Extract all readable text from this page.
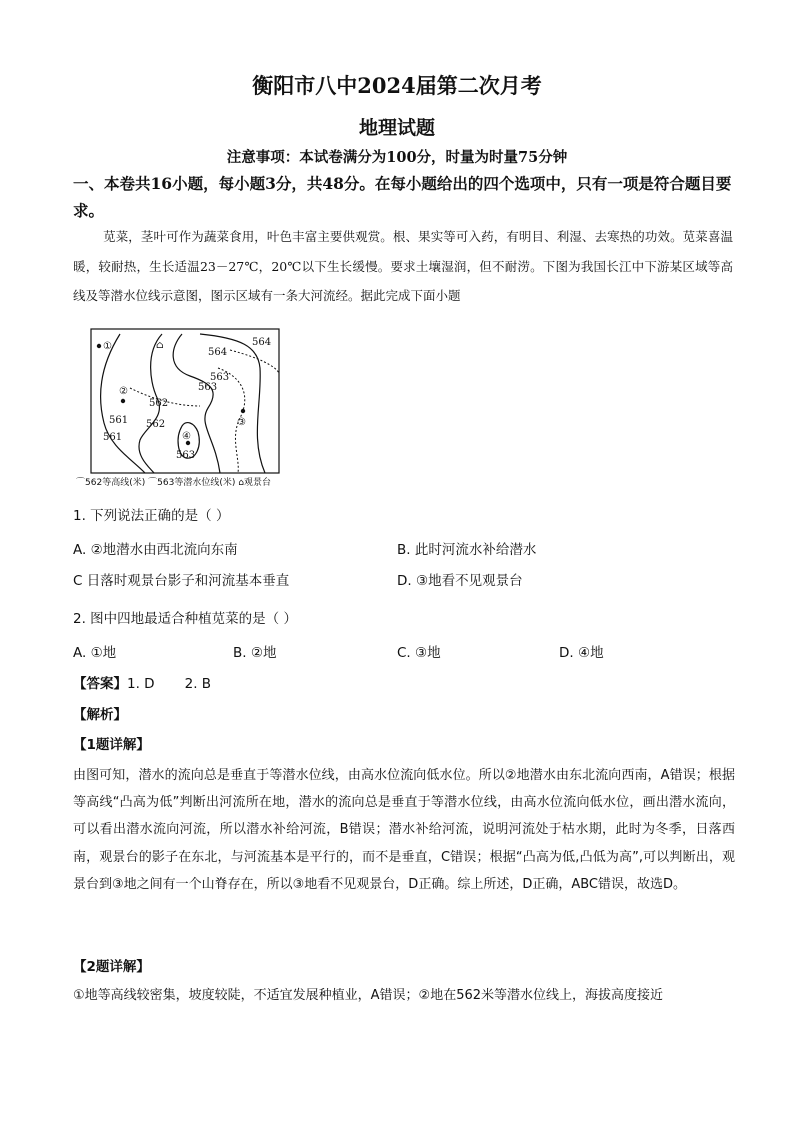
衡阳市八中2024届第二次月考
地理试题
注意事项：本试卷满分为100分，时量为时量75分钟
一、本卷共16小题，每小题3分，共48分。在每小题给出的四个选项中，只有一项是符合题目要求。
苋菜，茎叶可作为蔬菜食用，叶色丰富主要供观赏。根、果实等可入药，有明目、利湿、去寒热的功效。苋菜喜温暖，较耐热，生长适温23－27℃，20℃以下生长缓慢。要求土壤湿润，但不耐涝。下图为我国长江中下游某区域等高线及等潜水位线示意图，图示区域有一条大河流经。据此完成下面小题
①
②
③
④
⌂	564
564
563
563
563
562
562
561
561
⌒562等高线(米) ⌒563等潜水位线(米) ⌂观景台
1. 下列说法正确的是（ ）
A. ②地潜水由西北流向东南	B. 此时河流水补给潜水
C 日落时观景台影子和河流基本垂直	D. ③地看不见观景台
2. 图中四地最适合种植苋菜的是（ ）
A. ①地	B. ②地	C. ③地	D. ④地
【答案】1. D       2. B
【解析】
【1题详解】
由图可知，潜水的流向总是垂直于等潜水位线，由高水位流向低水位。所以②地潜水由东北流向西南，A错误；根据等高线“凸高为低”判断出河流所在地，潜水的流向总是垂直于等潜水位线，由高水位流向低水位，画出潜水流向，可以看出潜水流向河流，所以潜水补给河流，B错误；潜水补给河流，说明河流处于枯水期，此时为冬季，日落西南，观景台的影子在东北，与河流基本是平行的，而不是垂直，C错误；根据“凸高为低,凸低为高”,可以判断出，观景台到③地之间有一个山脊存在，所以③地看不见观景台，D正确。综上所述，D正确，ABC错误，故选D。
【2题详解】
①地等高线较密集，坡度较陡，不适宜发展种植业，A错误；②地在562米等潜水位线上，海拔高度接近
